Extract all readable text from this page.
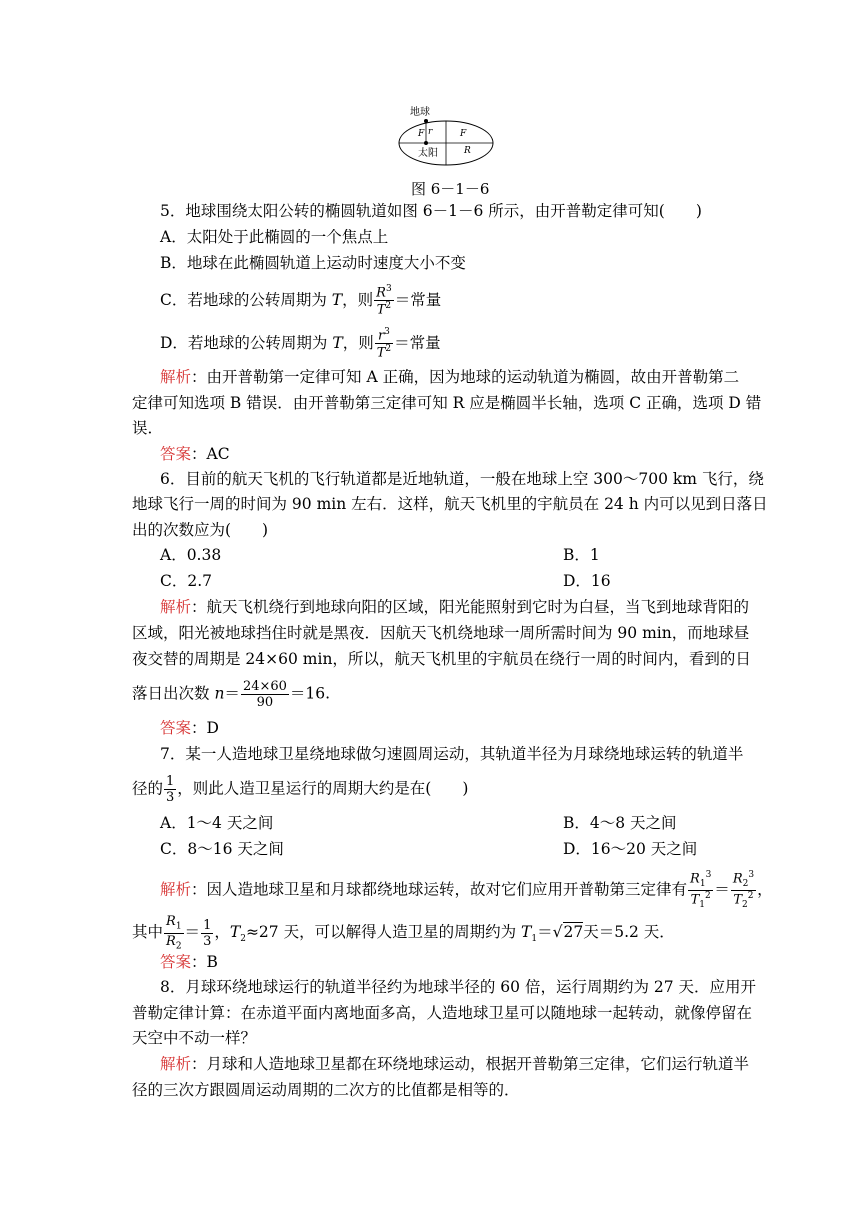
地球
F r	F
太阳	R
图 6－1－6
5．地球围绕太阳公转的椭圆轨道如图 6－1－6 所示，由开普勒定律可知(　　)
A．太阳处于此椭圆的一个焦点上
B．地球在此椭圆轨道上运动时速度大小不变
C．若地球的公转周期为 T，则 $\frac{R^3}{T^2}$ ＝常量
D．若地球的公转周期为 T，则 $\frac{r^3}{T^2}$ ＝常量
解析：由开普勒第一定律可知 A 正确，因为地球的运动轨道为椭圆，故由开普勒第二
定律可知选项 B 错误．由开普勒第三定律可知 R 应是椭圆半长轴，选项 C 正确，选项 D 错
误．
答案：AC
6．目前的航天飞机的飞行轨道都是近地轨道，一般在地球上空 300～700 km 飞行，绕
地球飞行一周的时间为 90 min 左右．这样，航天飞机里的宇航员在 24 h 内可以见到日落日
出的次数应为(　　)
A．0.38	B．1
C．2.7	D．16
解析：航天飞机绕行到地球向阳的区域，阳光能照射到它时为白昼，当飞到地球背阳的
区域，阳光被地球挡住时就是黑夜．因航天飞机绕地球一周所需时间为 90 min，而地球昼
夜交替的周期是 24×60 min，所以，航天飞机里的宇航员在绕行一周的时间内，看到的日
落日出次数 $n= \frac{24\times 60}{90} =16$.
答案：D
7．某一人造地球卫星绕地球做匀速圆周运动，其轨道半径为月球绕地球运转的轨道半
径的 $\frac{1}{3}$ ，则此人造卫星运行的周期大约是在(　　)
A．1～4 天之间	B．4～8 天之间
C．8～16 天之间	D．16～20 天之间
解析：因人造地球卫星和月球都绕地球运转，故对它们应用开普勒第三定律有 $\frac{R_1^3}{T_1^2} = \frac{R_2^3}{T_2^2}$ ，
其中 $\frac{R_1}{R_2} = \frac{1}{3}$ ，$T_2\approx 27$ 天，可以解得人造卫星的周期约为 $T_1=√27$天＝5.2 天．
答案：B
8．月球环绕地球运行的轨道半径约为地球半径的 60 倍，运行周期约为 27 天．应用开
普勒定律计算：在赤道平面内离地面多高，人造地球卫星可以随地球一起转动，就像停留在
天空中不动一样？
解析：月球和人造地球卫星都在环绕地球运动，根据开普勒第三定律，它们运行轨道半
径的三次方跟圆周运动周期的二次方的比值都是相等的．
